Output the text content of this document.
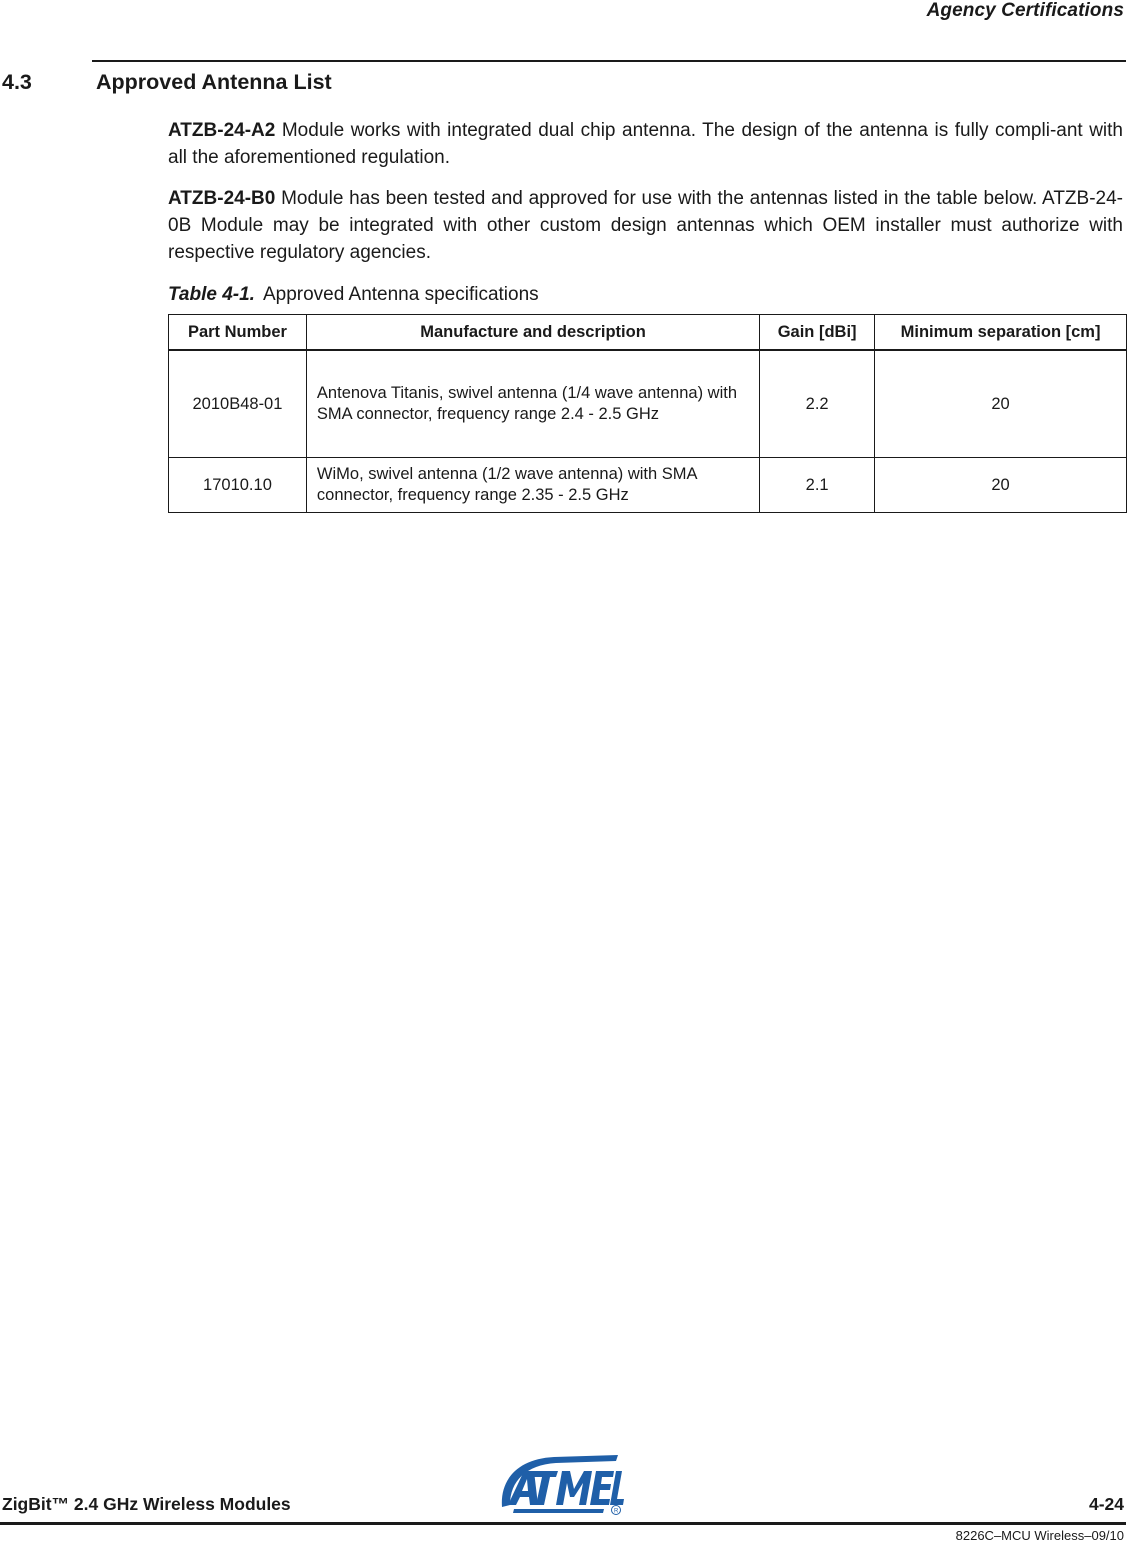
Agency Certifications
4.3	Approved Antenna List

ATZB-24-A2 Module works with integrated dual chip antenna. The design of the antenna is fully compli-ant with all the aforementioned regulation.

ATZB-24-B0 Module has been tested and approved for use with the antennas listed in the table below. ATZB-24-0B Module may be integrated with other custom design antennas which OEM installer must authorize with respective regulatory agencies.

Table 4-1. Approved Antenna specifications
Part Number	Manufacture and description	Gain [dBi]	Minimum separation [cm]
2010B48-01	Antenova Titanis, swivel antenna (1/4 wave antenna) with SMA connector, frequency range 2.4 - 2.5 GHz	2.2	20
17010.10	WiMo, swivel antenna (1/2 wave antenna) with SMA connector, frequency range 2.35 - 2.5 GHz	2.1	20
ZigBit™ 2.4 GHz Wireless Modules	R	4-24
8226C–MCU Wireless–09/10
